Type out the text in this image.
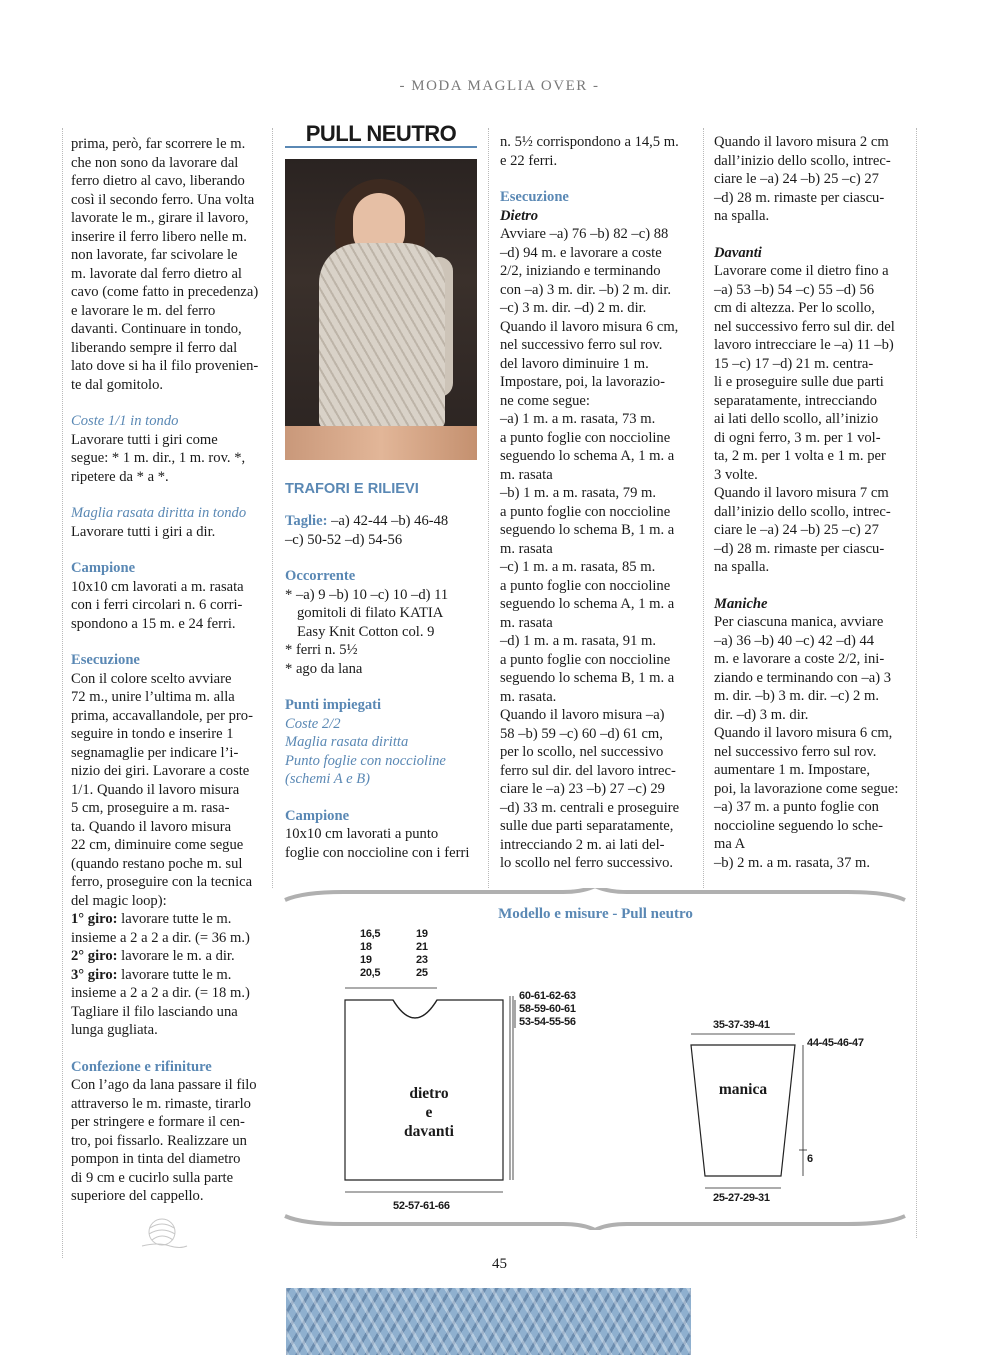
- MODA MAGLIA OVER -

prima, però, far scorrere le m.

che non sono da lavorare dal

ferro dietro al cavo, liberando

così il secondo ferro. Una volta

lavorate le m., girare il lavoro,

inserire il ferro libero nelle m.

non lavorate, far scivolare le

m. lavorate dal ferro dietro al

cavo (come fatto in precedenza)

e lavorare le m. del ferro

davanti. Continuare in tondo,

liberando sempre il ferro dal

lato dove si ha il filo provenien-

te dal gomitolo.

Coste 1/1 in tondo

Lavorare tutti i giri come

segue: * 1 m. dir., 1 m. rov. *,

ripetere da * a *.

Maglia rasata diritta in tondo

Lavorare tutti i giri a dir.

Campione

10x10 cm lavorati a m. rasata

con i ferri circolari n. 6 corri-

spondono a 15 m. e 24 ferri.

Esecuzione

Con il colore scelto avviare

72 m., unire l’ultima m. alla

prima, accavallandole, per pro-

seguire in tondo e inserire 1

segnamaglie per indicare l’i-

nizio dei giri. Lavorare a coste

1/1. Quando il lavoro misura

5 cm, proseguire a m. rasa-

ta. Quando il lavoro misura

22 cm, diminuire come segue

(quando restano poche m. sul

ferro, proseguire con la tecnica

del magic loop):

1° giro: lavorare tutte le m.

insieme a 2 a 2 a dir. (= 36 m.)

2° giro: lavorare le m. a dir.

3° giro: lavorare tutte le m.

insieme a 2 a 2 a dir. (= 18 m.)

Tagliare il filo lasciando una

lunga gugliata.

Confezione e rifiniture

Con l’ago da lana passare il filo

attraverso le m. rimaste, tirarlo

per stringere e formare il cen-

tro, poi fissarlo. Realizzare un

pompon in tinta del diametro

di 9 cm e cucirlo sulla parte

superiore del cappello.

PULL NEUTRO
TRAFORI E RILIEVI

Taglie: –a) 42-44 –b) 46-48

–c) 50-52 –d) 54-56

Occorrente

* –a) 9 –b) 10 –c) 10 –d) 11

gomitoli di filato KATIA

Easy Knit Cotton col. 9

* ferri n. 5½

* ago da lana

Punti impiegati

Coste 2/2

Maglia rasata diritta

Punto foglie con noccioline

(schemi A e B)

Campione

10x10 cm lavorati a punto

foglie con noccioline con i ferri

n. 5½ corrispondono a 14,5 m.

e 22 ferri.

Esecuzione

Dietro

Avviare –a) 76 –b) 82 –c) 88

–d) 94 m. e lavorare a coste

2/2, iniziando e terminando

con –a) 3 m. dir. –b) 2 m. dir.

–c) 3 m. dir. –d) 2 m. dir.

Quando il lavoro misura 6 cm,

nel successivo ferro sul rov.

del lavoro diminuire 1 m.

Impostare, poi, la lavorazio-

ne come segue:

–a) 1 m. a m. rasata, 73 m.

a punto foglie con noccioline

seguendo lo schema A, 1 m. a

m. rasata

–b) 1 m. a m. rasata, 79 m.

a punto foglie con noccioline

seguendo lo schema B, 1 m. a

m. rasata

–c) 1 m. a m. rasata, 85 m.

a punto foglie con noccioline

seguendo lo schema A, 1 m. a

m. rasata

–d) 1 m. a m. rasata, 91 m.

a punto foglie con noccioline

seguendo lo schema B, 1 m. a

m. rasata.

Quando il lavoro misura –a)

58 –b) 59 –c) 60 –d) 61 cm,

per lo scollo, nel successivo

ferro sul dir. del lavoro intrec-

ciare le –a) 23 –b) 27 –c) 29

–d) 33 m. centrali e proseguire

sulle due parti separatamente,

intrecciando 2 m. ai lati del-

lo scollo nel ferro successivo.

Quando il lavoro misura 2 cm

dall’inizio dello scollo, intrec-

ciare le –a) 24 –b) 25 –c) 27

–d) 28 m. rimaste per ciascu-

na spalla.

Davanti

Lavorare come il dietro fino a

–a) 53 –b) 54 –c) 55 –d) 56

cm di altezza. Per lo scollo,

nel successivo ferro sul dir. del

lavoro intrecciare le –a) 11 –b)

15 –c) 17 –d) 21 m. centra-

li e proseguire sulle due parti

separatamente, intrecciando

ai lati dello scollo, all’inizio

di ogni ferro, 3 m. per 1 vol-

ta, 2 m. per 1 volta e 1 m. per

3 volte.

Quando il lavoro misura 7 cm

dall’inizio dello scollo, intrec-

ciare le –a) 24 –b) 25 –c) 27

–d) 28 m. rimaste per ciascu-

na spalla.

Maniche

Per ciascuna manica, avviare

–a) 36 –b) 40 –c) 42 –d) 44

m. e lavorare a coste 2/2, ini-

ziando e terminando con –a) 3

m. dir. –b) 3 m. dir. –c) 2 m.

dir. –d) 3 m. dir.

Quando il lavoro misura 6 cm,

nel successivo ferro sul rov.

aumentare 1 m. Impostare,

poi, la lavorazione come segue:

–a) 37 m. a punto foglie con

noccioline seguendo lo sche-

ma A

–b) 2 m. a m. rasata, 37 m.

Modello e misure - Pull neutro
16,5
18
19
20,5
19
21
23
25
60-61-62-63
58-59-60-61
53-54-55-56
dietro
e
davanti
52-57-61-66
35-37-39-41
44-45-46-47
manica
6
25-27-29-31
45
